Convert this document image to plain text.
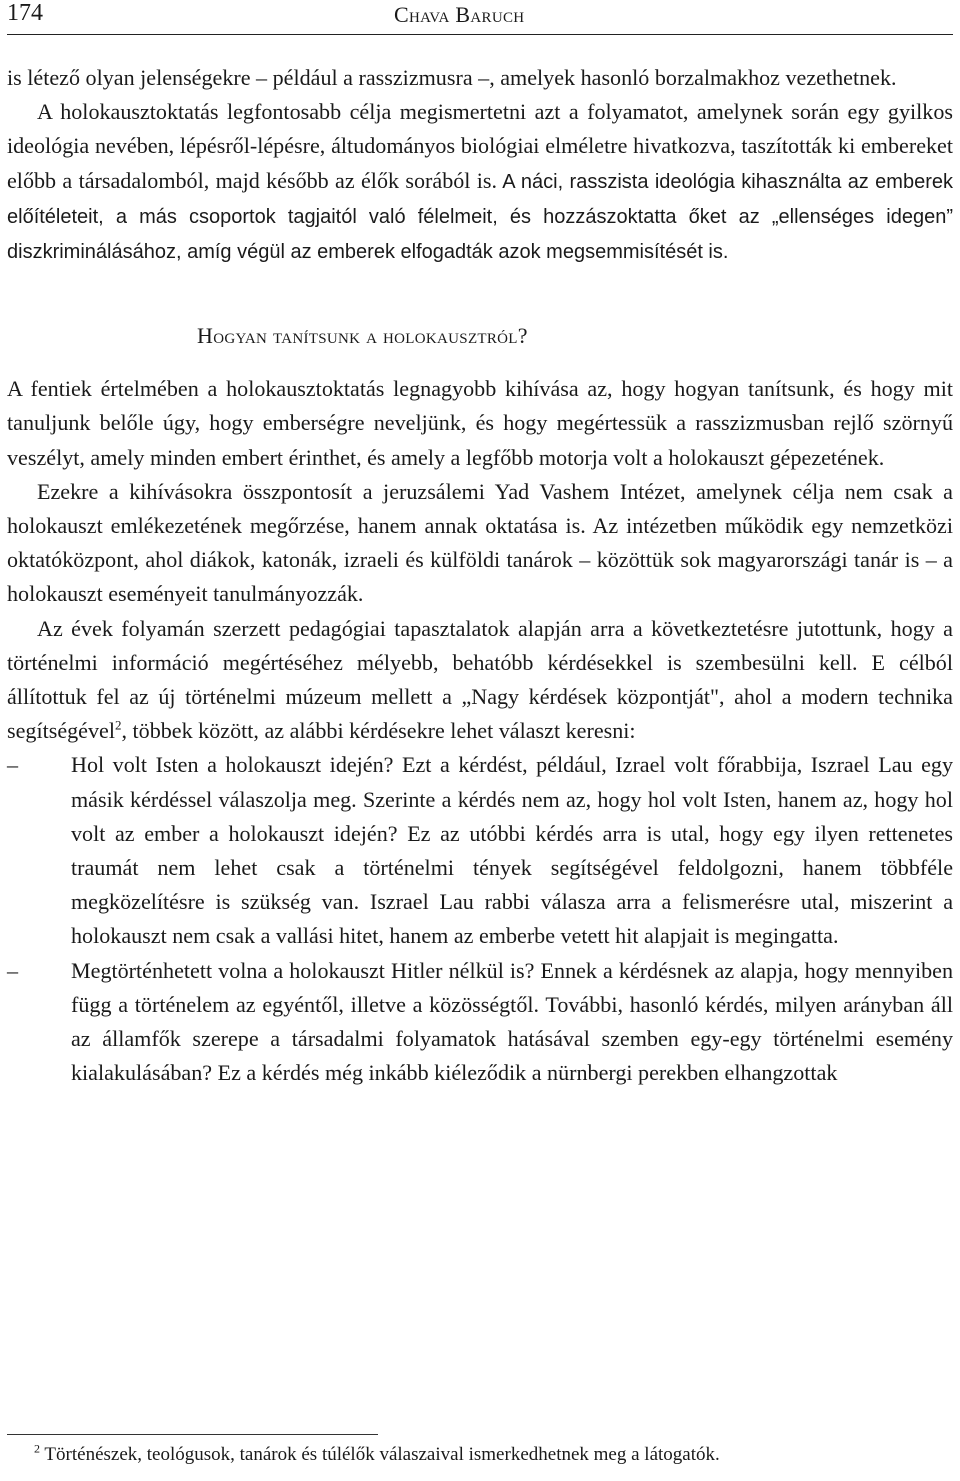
174	Chava Baruch

is létező olyan jelenségekre – például a rasszizmusra –, amelyek hasonló borzalmakhoz vezethetnek.

A holokausztoktatás legfontosabb célja megismertetni azt a folyamatot, amelynek során egy gyilkos ideológia nevében, lépésről-lépésre, áltudományos biológiai elméletre hivatkozva, taszították ki embereket előbb a társadalomból, majd később az élők sorából is. A náci, rasszista ideológia kihasználta az emberek előítéleteit, a más csoportok tagjaitól való félelmeit, és hozzászoktatta őket az „ellenséges idegen” diszkriminálásához, amíg végül az emberek elfogadták azok megsemmisítését is.

Hogyan tanítsunk a holokausztról?

A fentiek értelmében a holokausztoktatás legnagyobb kihívása az, hogy hogyan tanítsunk, és hogy mit tanuljunk belőle úgy, hogy emberségre neveljünk, és hogy megértessük a rasszizmusban rejlő szörnyű veszélyt, amely minden embert érinthet, és amely a legfőbb motorja volt a holokauszt gépezetének.

Ezekre a kihívásokra összpontosít a jeruzsálemi Yad Vashem Intézet, amelynek célja nem csak a holokauszt emlékezetének megőrzése, hanem annak oktatása is. Az intézetben működik egy nemzetközi oktatóközpont, ahol diákok, katonák, izraeli és külföldi tanárok – közöttük sok magyarországi tanár is – a holokauszt eseményeit tanulmányozzák.

Az évek folyamán szerzett pedagógiai tapasztalatok alapján arra a következtetésre jutottunk, hogy a történelmi információ megértéséhez mélyebb, behatóbb kérdésekkel is szembesülni kell. E célból állítottuk fel az új történelmi múzeum mellett a „Nagy kérdések központját", ahol a modern technika segítségével$^2$, többek között, az alábbi kérdésekre lehet választ keresni:

–	Hol volt Isten a holokauszt idején? Ezt a kérdést, például, Izrael volt főrabbija, Iszrael Lau egy másik kérdéssel válaszolja meg. Szerinte a kérdés nem az, hogy hol volt Isten, hanem az, hogy hol volt az ember a holokauszt idején? Ez az utóbbi kérdés arra is utal, hogy egy ilyen rettenetes traumát nem lehet csak a történelmi tények segítségével feldolgozni, hanem többféle megközelítésre is szükség van. Iszrael Lau rabbi válasza arra a felismerésre utal, miszerint a holokauszt nem csak a vallási hitet, hanem az emberbe vetett hit alapjait is megingatta.

–	Megtörténhetett volna a holokauszt Hitler nélkül is? Ennek a kérdésnek az alapja, hogy mennyiben függ a történelem az egyéntől, illetve a közösségtől. További, hasonló kérdés, milyen arányban áll az államfők szerepe a társadalmi folyamatok hatásával szemben egy-egy történelmi esemény kialakulásában? Ez a kérdés még inkább kiéleződik a nürnbergi perekben elhangzottak

$^2$ Történészek, teológusok, tanárok és túlélők válaszaival ismerkedhetnek meg a látogatók.
